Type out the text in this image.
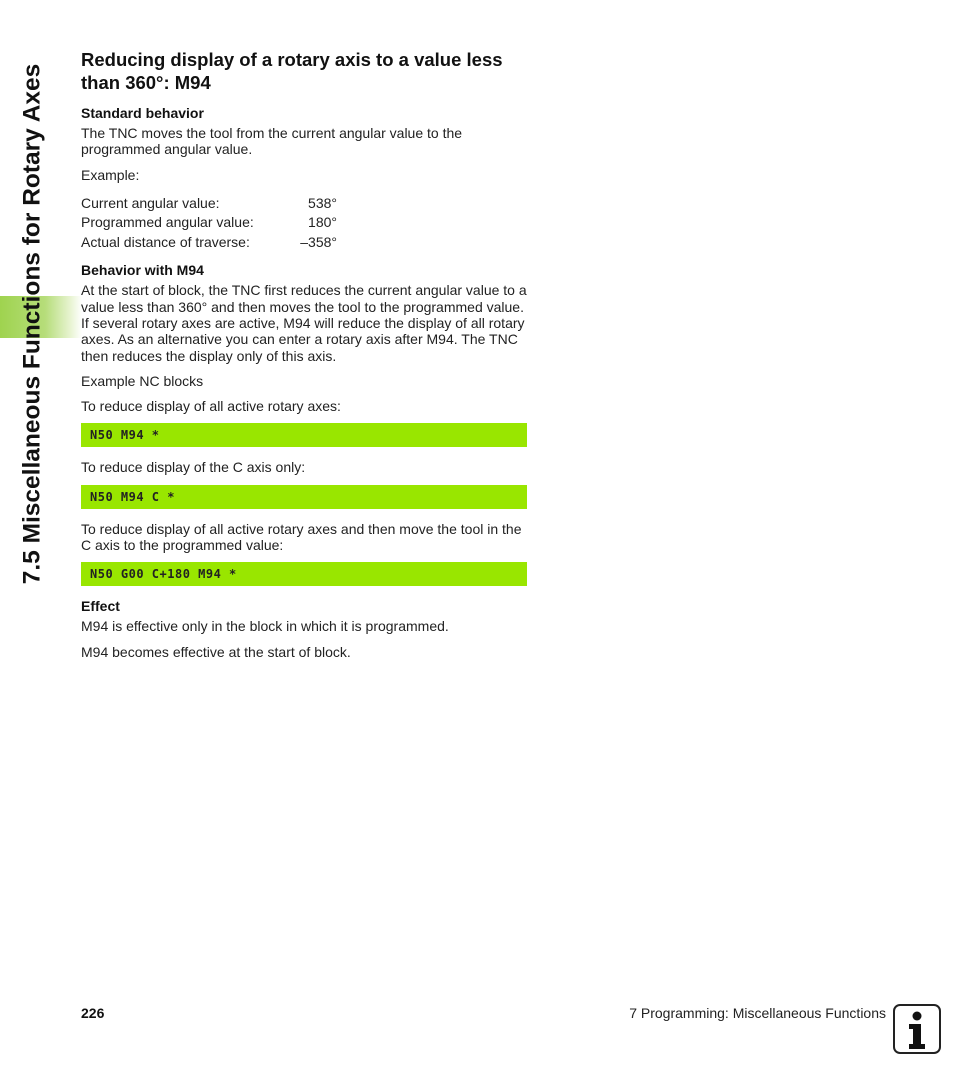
7.5 Miscellaneous Functions for Rotary Axes
Reducing display of a rotary axis to a value less than 360°: M94
Standard behavior

The TNC moves the tool from the current angular value to the programmed angular value.

Example:

Current angular value:	538°
Programmed angular value:	180°
Actual distance of traverse:	–358°
Behavior with M94

At the start of block, the TNC first reduces the current angular value to a value less than 360° and then moves the tool to the programmed value. If several rotary axes are active, M94 will reduce the display of all rotary axes. As an alternative you can enter a rotary axis after M94. The TNC then reduces the display only of this axis.

Example NC blocks

To reduce display of all active rotary axes:

N50 M94 *

To reduce display of the C axis only:

N50 M94 C *

To reduce display of all active rotary axes and then move the tool in the C axis to the programmed value:

N50 G00 C+180 M94 *
Effect

M94 is effective only in the block in which it is programmed.

M94 becomes effective at the start of block.

226	7 Programming: Miscellaneous Functions
